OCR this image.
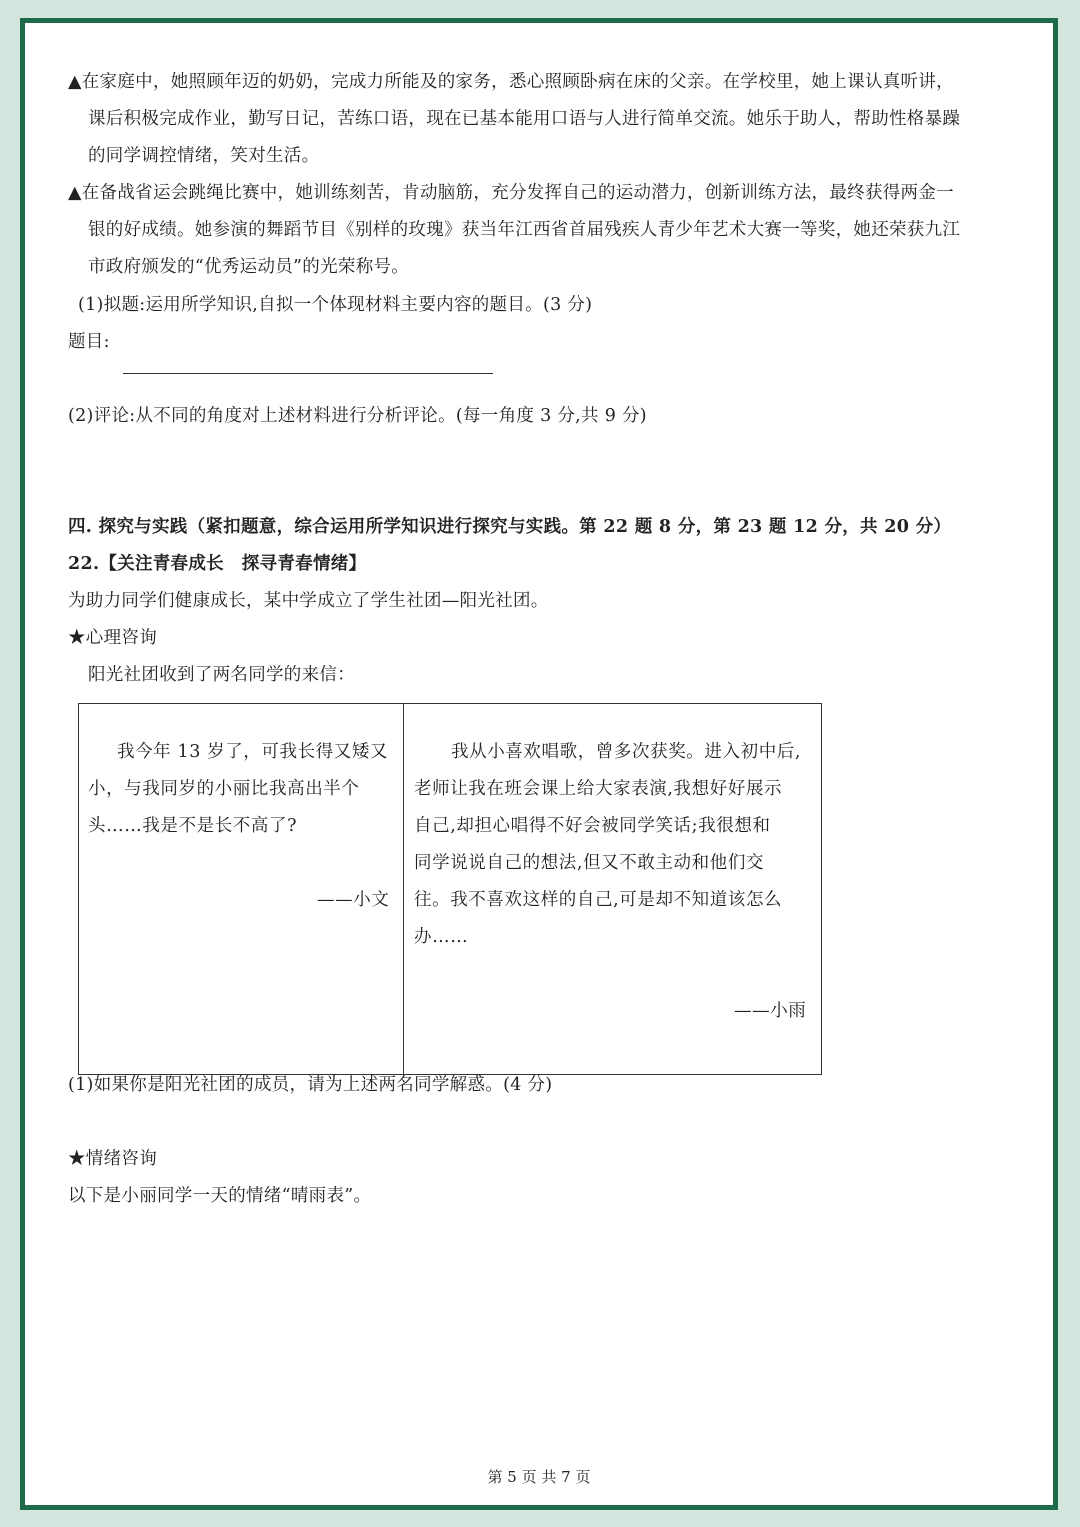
▲在家庭中，她照顾年迈的奶奶，完成力所能及的家务，悉心照顾卧病在床的父亲。在学校里，她上课认真听讲，
课后积极完成作业，勤写日记，苦练口语，现在已基本能用口语与人进行简单交流。她乐于助人，帮助性格暴躁
的同学调控情绪，笑对生活。
▲在备战省运会跳绳比赛中，她训练刻苦，肯动脑筋，充分发挥自己的运动潜力，创新训练方法，最终获得两金一
银的好成绩。她参演的舞蹈节目《别样的玫瑰》获当年江西省首届残疾人青少年艺术大赛一等奖，她还荣获九江
市政府颁发的“优秀运动员”的光荣称号。
(1)拟题:运用所学知识,自拟一个体现材料主要内容的题目。(3 分)
题目:
(2)评论:从不同的角度对上述材料进行分析评论。(每一角度 3 分,共 9 分)
四. 探究与实践（紧扣题意，综合运用所学知识进行探究与实践。第 22 题 8 分，第 23 题 12 分，共 20 分）
22.【关注青春成长　探寻青春情绪】
为助力同学们健康成长，某中学成立了学生社团—阳光社团。
★心理咨询
阳光社团收到了两名同学的来信：
我今年 13 岁了，可我长得又矮又
小，与我同岁的小丽比我高出半个
头……我是不是长不高了?
——小文
我从小喜欢唱歌，曾多次获奖。进入初中后,
老师让我在班会课上给大家表演,我想好好展示
自己,却担心唱得不好会被同学笑话;我很想和
同学说说自己的想法,但又不敢主动和他们交
往。我不喜欢这样的自己,可是却不知道该怎么
办……
——小雨
(1)如果你是阳光社团的成员，请为上述两名同学解惑。(4 分)
★情绪咨询
以下是小丽同学一天的情绪“晴雨表”。
第 5 页 共 7 页
